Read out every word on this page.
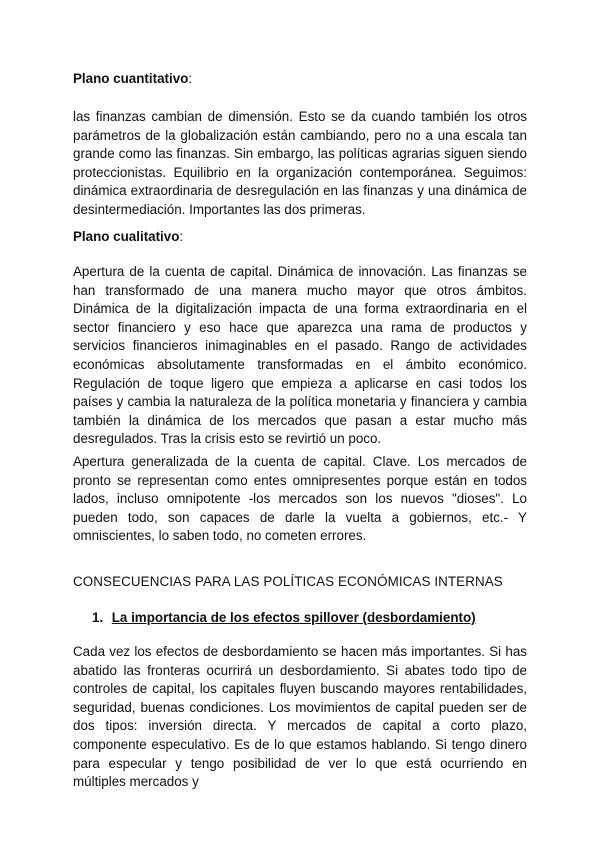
Plano cuantitativo:

las finanzas cambian de dimensión. Esto se da cuando también los otros parámetros de la globalización están cambiando, pero no a una escala tan grande como las finanzas. Sin embargo, las políticas agrarias siguen siendo proteccionistas. Equilibrio en la organización contemporánea. Seguimos: dinámica extraordinaria de desregulación en las finanzas y una dinámica de desintermediación. Importantes las dos primeras.

Plano cualitativo:

Apertura de la cuenta de capital. Dinámica de innovación. Las finanzas se han transformado de una manera mucho mayor que otros ámbitos. Dinámica de la digitalización impacta de una forma extraordinaria en el sector financiero y eso hace que aparezca una rama de productos y servicios financieros inimaginables en el pasado. Rango de actividades económicas absolutamente transformadas en el ámbito económico. Regulación de toque ligero que empieza a aplicarse en casi todos los países y cambia la naturaleza de la política monetaria y financiera y cambia también la dinámica de los mercados que pasan a estar mucho más desregulados. Tras la crisis esto se revirtió un poco.

Apertura generalizada de la cuenta de capital. Clave. Los mercados de pronto se representan como entes omnipresentes porque están en todos lados, incluso omnipotente -los mercados son los nuevos "dioses". Lo pueden todo, son capaces de darle la vuelta a gobiernos, etc.- Y omniscientes, lo saben todo, no cometen errores.

CONSECUENCIAS PARA LAS POLÍTICAS ECONÓMICAS INTERNAS

1. La importancia de los efectos spillover (desbordamiento)

Cada vez los efectos de desbordamiento se hacen más importantes. Si has abatido las fronteras ocurrirá un desbordamiento. Si abates todo tipo de controles de capital, los capitales fluyen buscando mayores rentabilidades, seguridad, buenas condiciones. Los movimientos de capital pueden ser de dos tipos: inversión directa. Y mercados de capital a corto plazo, componente especulativo. Es de lo que estamos hablando. Si tengo dinero para especular y tengo posibilidad de ver lo que está ocurriendo en múltiples mercados y
